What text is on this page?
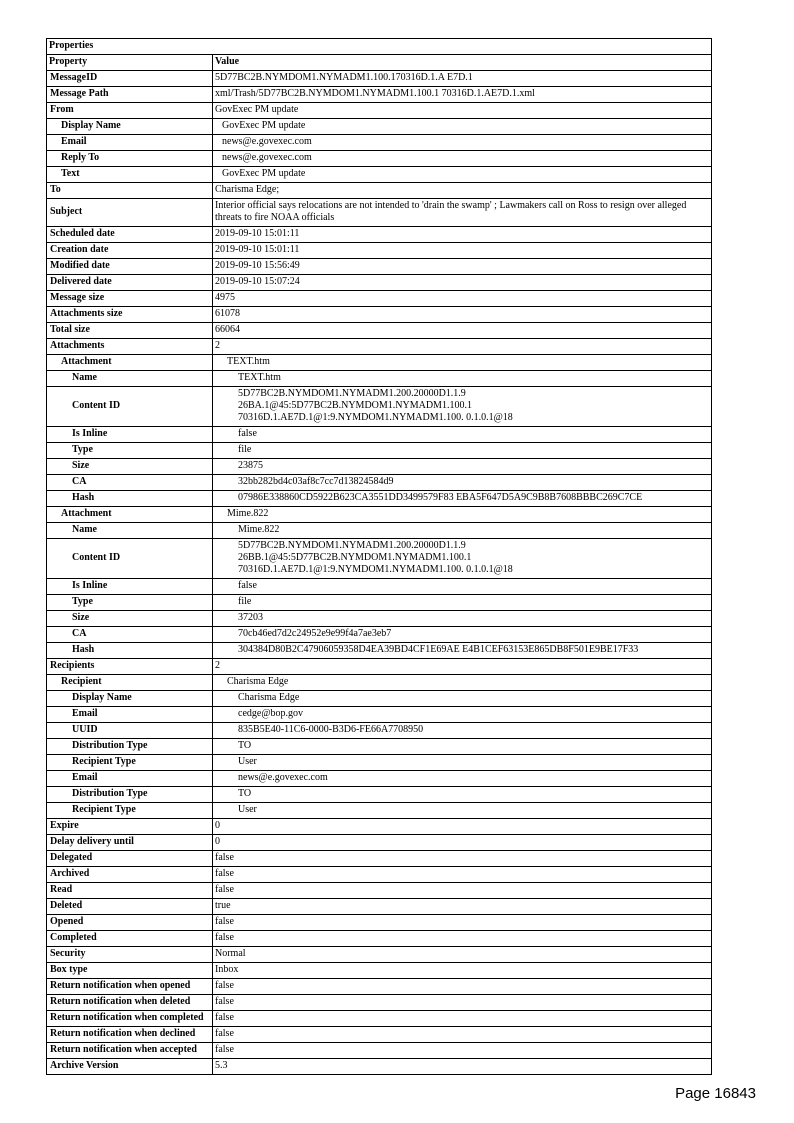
Properties	
Property	Value
MessageID	5D77BC2B.NYMDOM1.NYMADM1.100.170316D.1.A E7D.1

Message Path	xml/Trash/5D77BC2B.NYMDOM1.NYMADM1.100.1 70316D.1.AE7D.1.xml

From	GovExec PM update

Display Name	GovExec PM update

Email	news@e.govexec.com

Reply To	news@e.govexec.com

Text	GovExec PM update

To	Charisma Edge;

Subject	Interior official says relocations are not intended to 'drain the swamp' ; Lawmakers call on Ross to resign over alleged threats to fire NOAA officials

Scheduled date	2019-09-10 15:01:11

Creation date	2019-09-10 15:01:11

Modified date	2019-09-10 15:56:49

Delivered date	2019-09-10 15:07:24

Message size	4975

Attachments size	61078

Total size	66064

Attachments	2

Attachment	TEXT.htm

Name	TEXT.htm

Content ID	5D77BC2B.NYMDOM1.NYMADM1.200.20000D1.1.9
26BA.1@45:5D77BC2B.NYMDOM1.NYMADM1.100.1
70316D.1.AE7D.1@1:9.NYMDOM1.NYMADM1.100. 0.1.0.1@18

Is Inline	false

Type	file

Size	23875

CA	32bb282bd4c03af8c7cc7d13824584d9

Hash	07986E338860CD5922B623CA3551DD3499579F83 EBA5F647D5A9C9B8B7608BBBC269C7CE

Attachment	Mime.822

Name	Mime.822

Content ID	5D77BC2B.NYMDOM1.NYMADM1.200.20000D1.1.9
26BB.1@45:5D77BC2B.NYMDOM1.NYMADM1.100.1
70316D.1.AE7D.1@1:9.NYMDOM1.NYMADM1.100. 0.1.0.1@18

Is Inline	false

Type	file

Size	37203

CA	70cb46ed7d2c24952e9e99f4a7ae3eb7

Hash	304384D80B2C47906059358D4EA39BD4CF1E69AE E4B1CEF63153E865DB8F501E9BE17F33

Recipients	2

Recipient	Charisma Edge

Display Name	Charisma Edge

Email	cedge@bop.gov

UUID	835B5E40-11C6-0000-B3D6-FE66A7708950

Distribution Type	TO

Recipient Type	User

Email	news@e.govexec.com

Distribution Type	TO

Recipient Type	User

Expire	0

Delay delivery until	0

Delegated	false

Archived	false

Read	false

Deleted	true

Opened	false

Completed	false

Security	Normal

Box type	Inbox

Return notification when opened	false

Return notification when deleted	false

Return notification when completed	false

Return notification when declined	false

Return notification when accepted	false

Archive Version	5.3
Page 16843
